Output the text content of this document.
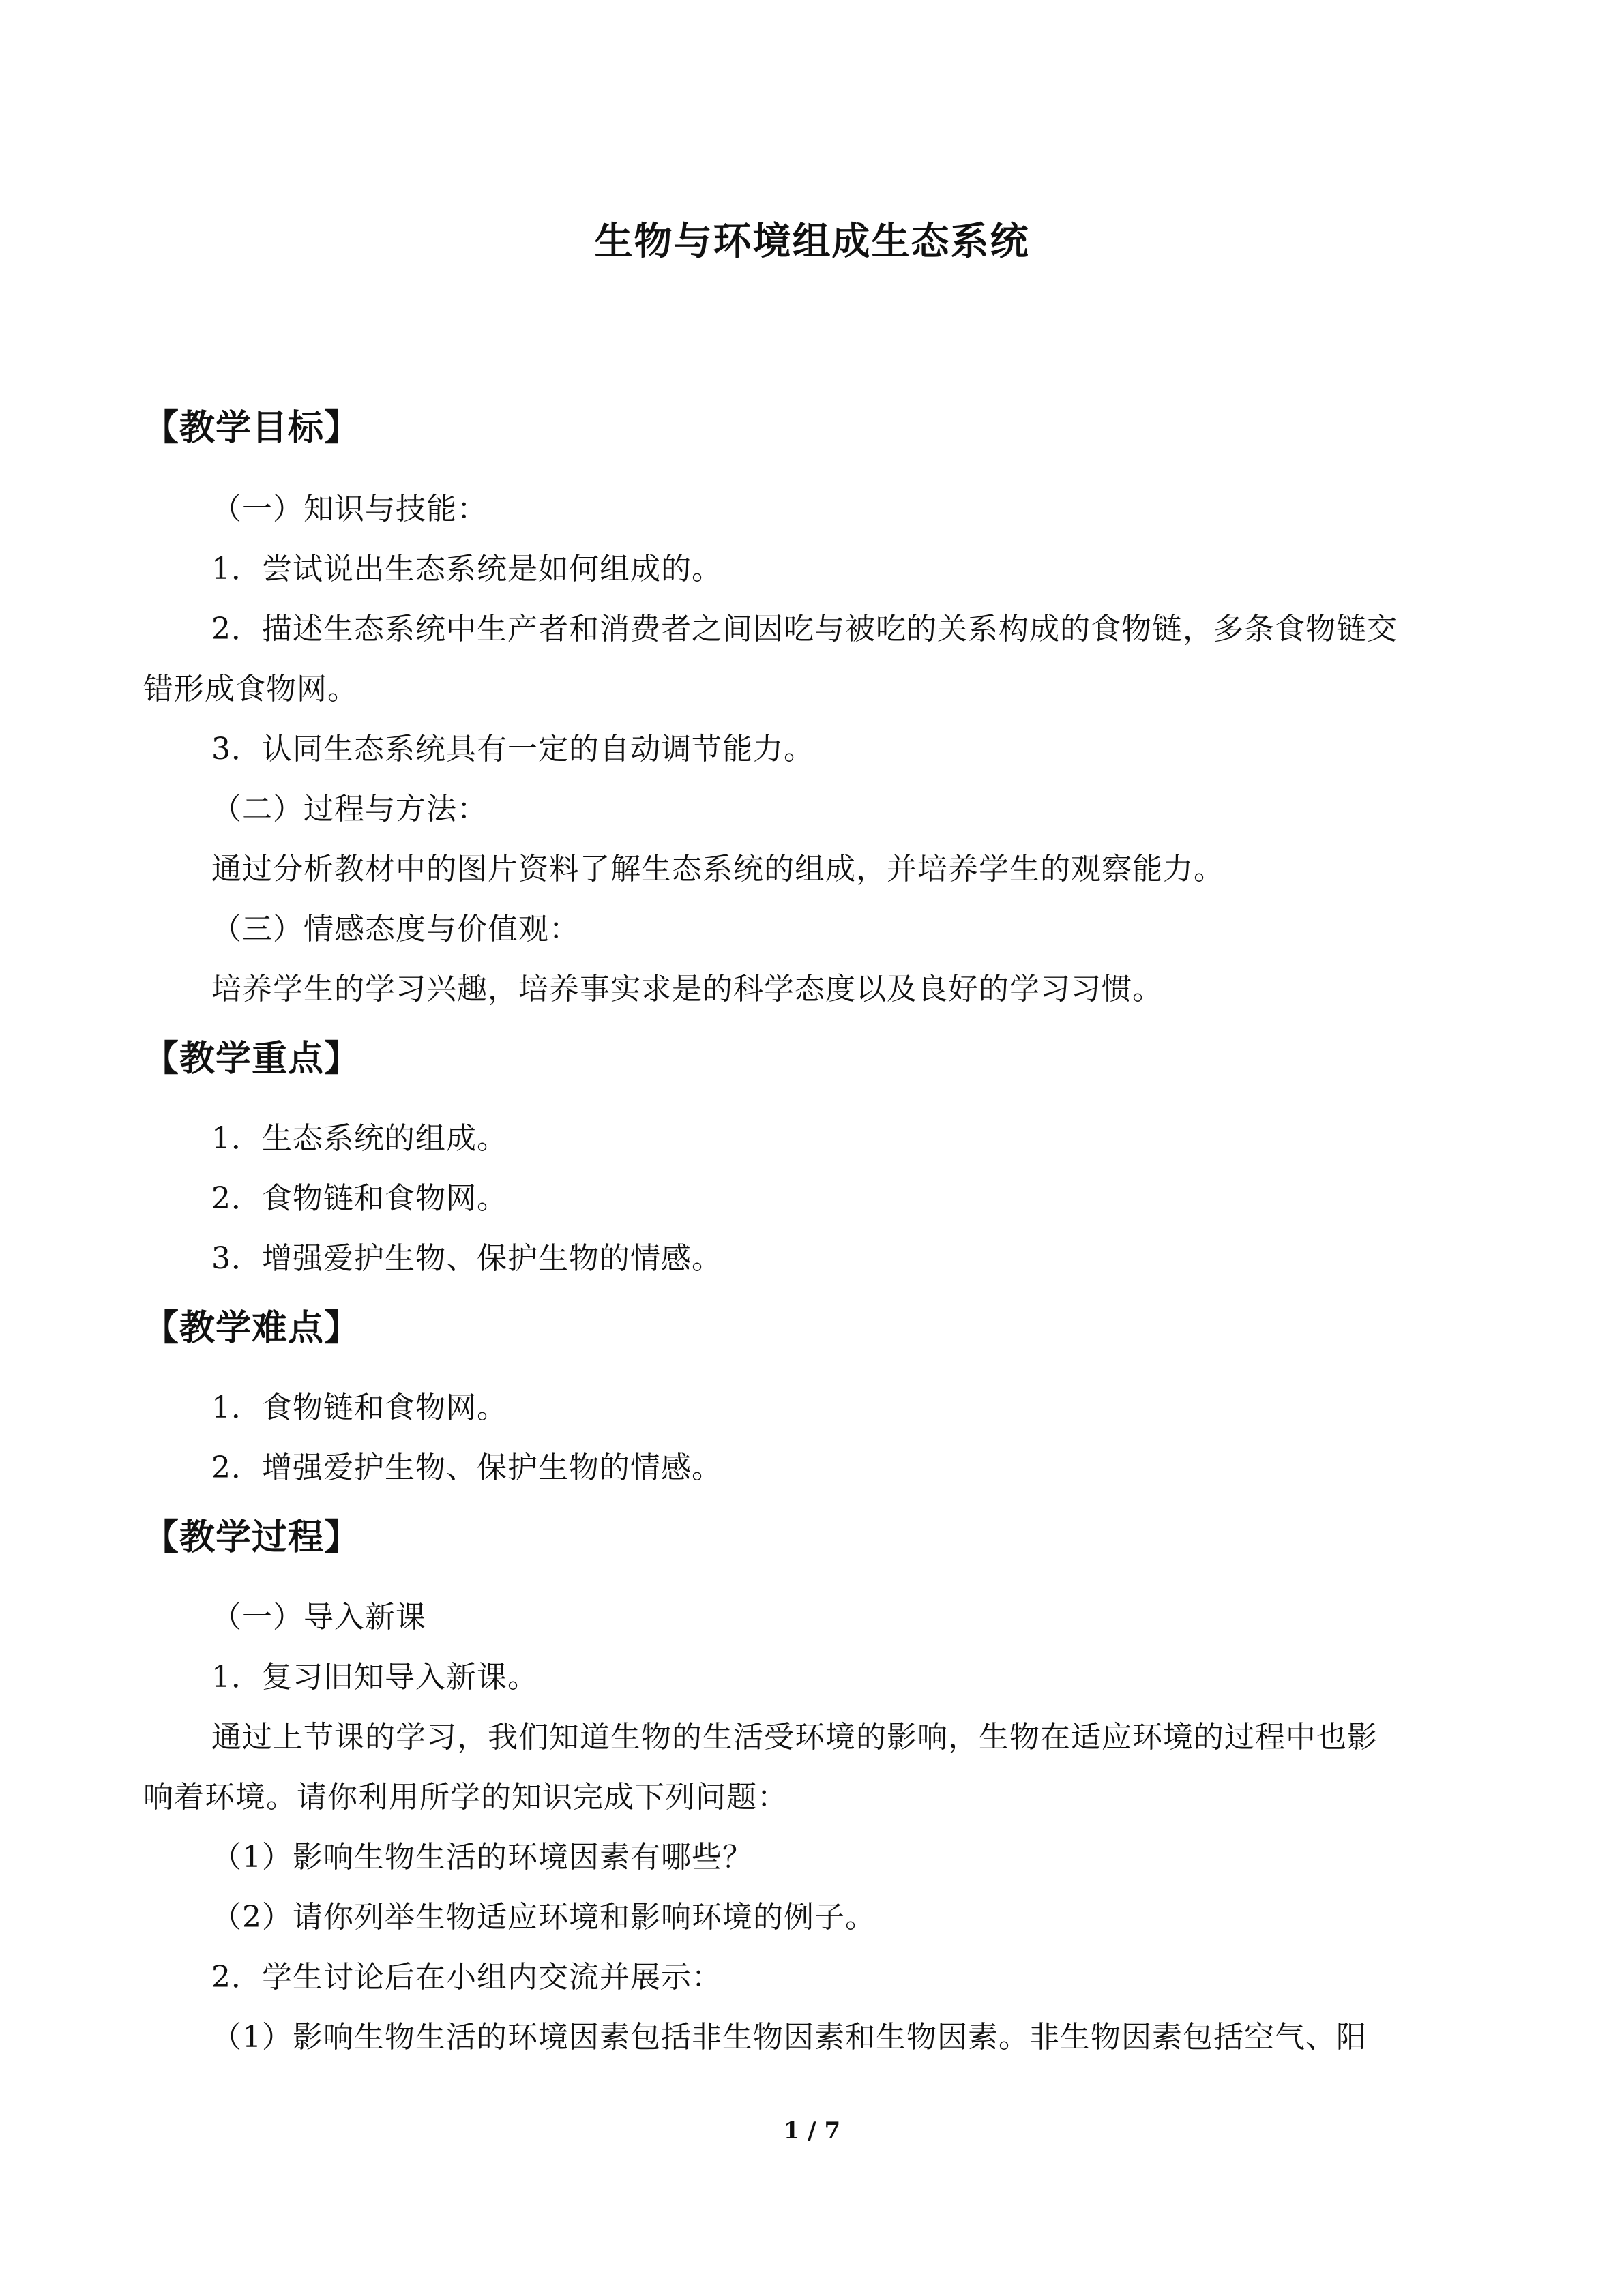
生物与环境组成生态系统
【教学目标】
（一）知识与技能：
1．尝试说出生态系统是如何组成的。
2．描述生态系统中生产者和消费者之间因吃与被吃的关系构成的食物链，多条食物链交
错形成食物网。
3．认同生态系统具有一定的自动调节能力。
（二）过程与方法：
通过分析教材中的图片资料了解生态系统的组成，并培养学生的观察能力。
（三）情感态度与价值观：
培养学生的学习兴趣，培养事实求是的科学态度以及良好的学习习惯。
【教学重点】
1．生态系统的组成。
2．食物链和食物网。
3．增强爱护生物、保护生物的情感。
【教学难点】
1．食物链和食物网。
2．增强爱护生物、保护生物的情感。
【教学过程】
（一）导入新课
1．复习旧知导入新课。
通过上节课的学习，我们知道生物的生活受环境的影响，生物在适应环境的过程中也影
响着环境。请你利用所学的知识完成下列问题：
（1）影响生物生活的环境因素有哪些？
（2）请你列举生物适应环境和影响环境的例子。
2．学生讨论后在小组内交流并展示：
（1）影响生物生活的环境因素包括非生物因素和生物因素。非生物因素包括空气、阳
1 / 7
